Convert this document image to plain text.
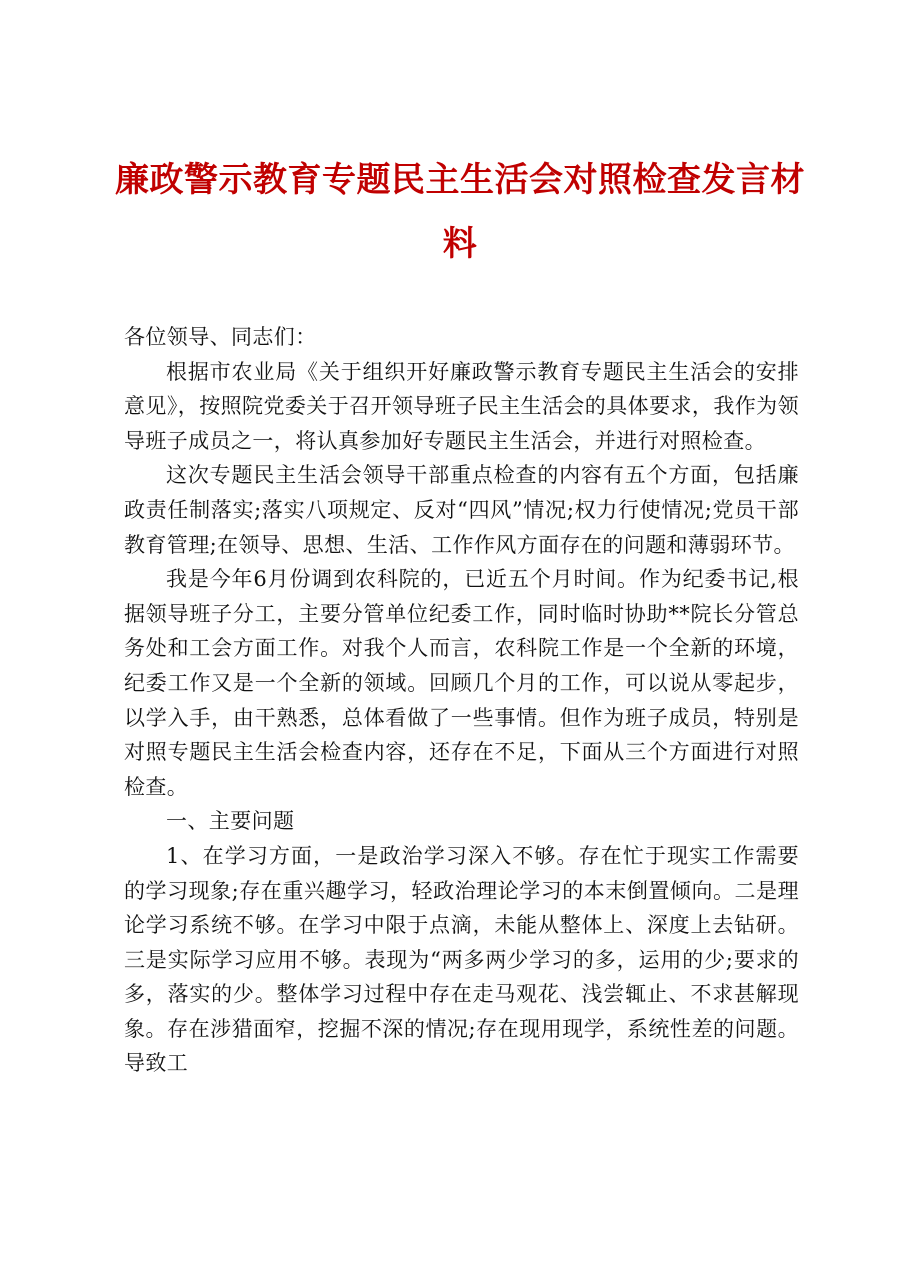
廉政警示教育专题民主生活会对照检查发言材料

各位领导、同志们：

根据市农业局《关于组织开好廉政警示教育专题民主生活会的安排意见》，按照院党委关于召开领导班子民主生活会的具体要求，我作为领导班子成员之一，将认真参加好专题民主生活会，并进行对照检查。

这次专题民主生活会领导干部重点检查的内容有五个方面，包括廉政责任制落实;落实八项规定、反对“四风”情况;权力行使情况;党员干部教育管理;在领导、思想、生活、工作作风方面存在的问题和薄弱环节。

我是今年6月份调到农科院的，已近五个月时间。作为纪委书记,根据领导班子分工，主要分管单位纪委工作，同时临时协助**院长分管总务处和工会方面工作。对我个人而言，农科院工作是一个全新的环境，纪委工作又是一个全新的领域。回顾几个月的工作，可以说从零起步，以学入手，由干熟悉，总体看做了一些事情。但作为班子成员，特别是对照专题民主生活会检查内容，还存在不足，下面从三个方面进行对照检查。

一、主要问题

1、在学习方面，一是政治学习深入不够。存在忙于现实工作需要的学习现象;存在重兴趣学习，轻政治理论学习的本末倒置倾向。二是理论学习系统不够。在学习中限于点滴，未能从整体上、深度上去钻研。三是实际学习应用不够。表现为“两多两少学习的多，运用的少;要求的多，落实的少。整体学习过程中存在走马观花、浅尝辄止、不求甚解现象。存在涉猎面窄，挖掘不深的情况;存在现用现学，系统性差的问题。导致工
